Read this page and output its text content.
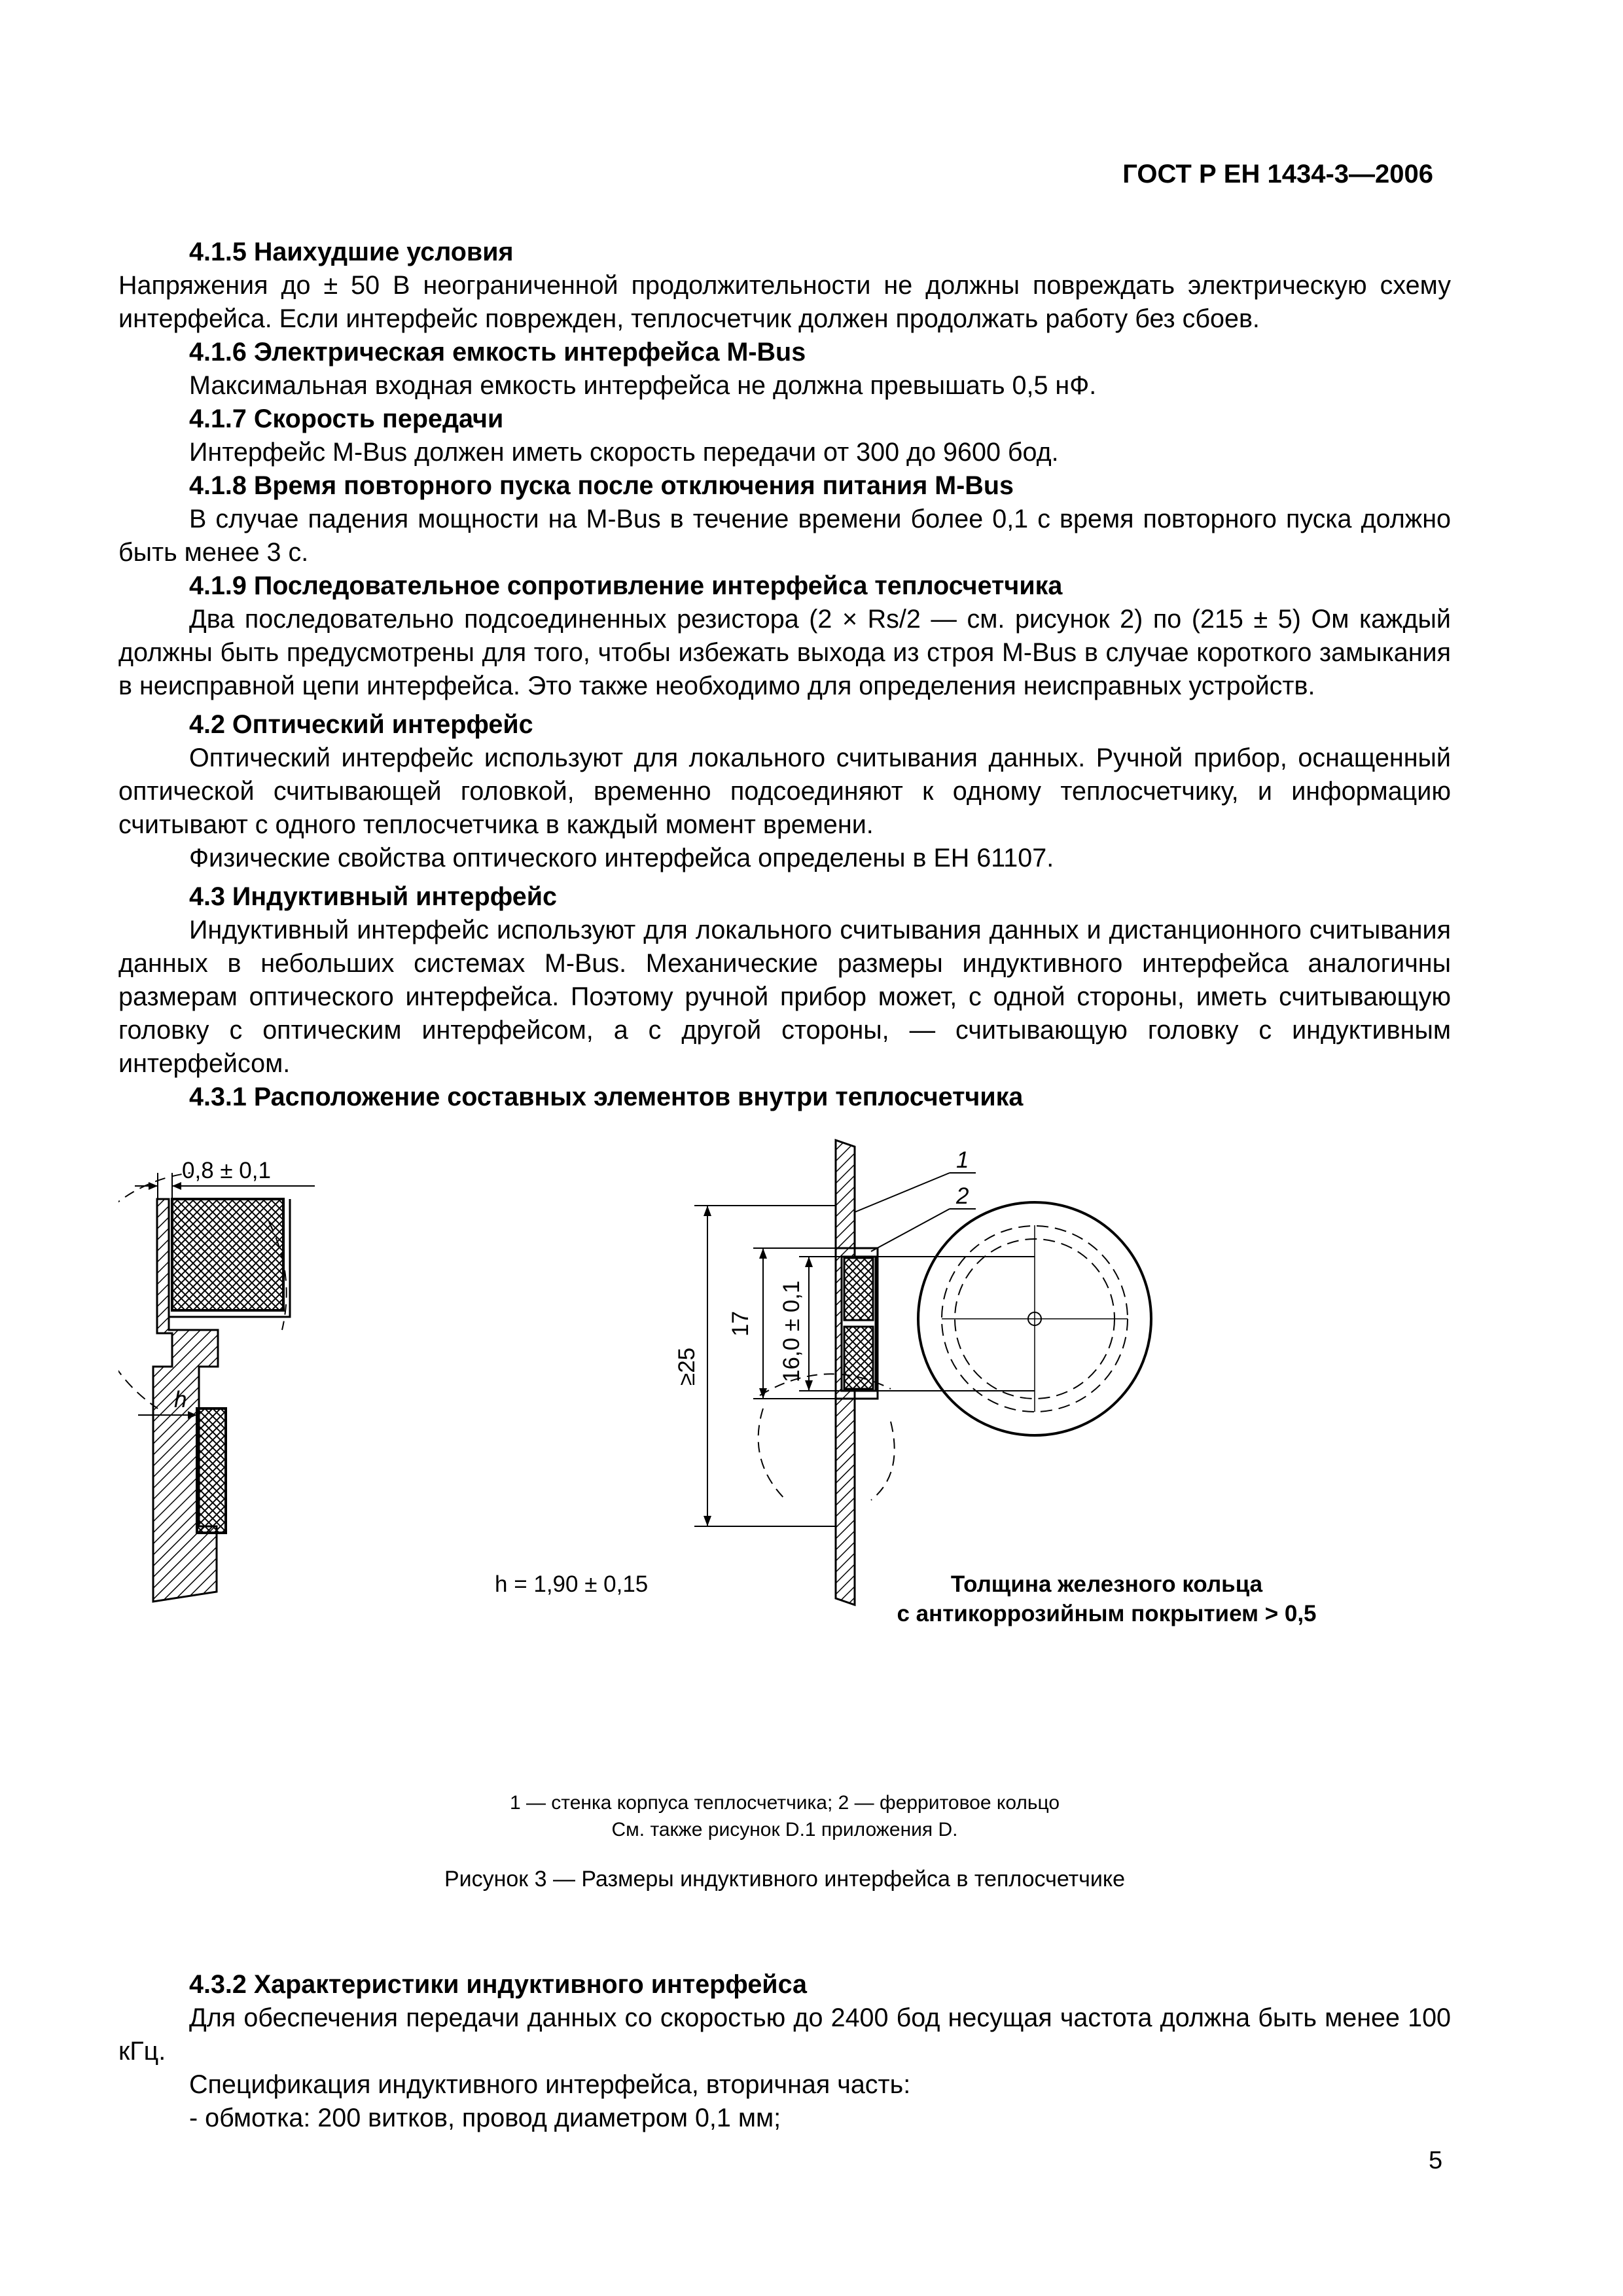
ГОСТ Р ЕН 1434-3—2006
4.1.5 Наихудшие условия
Напряжения до ± 50 В неограниченной продолжительности не должны повреждать электрическую схему интерфейса. Если интерфейс поврежден, теплосчетчик должен продолжать работу без сбоев.
4.1.6 Электрическая емкость интерфейса M-Bus
Максимальная входная емкость интерфейса не должна превышать 0,5 нФ.
4.1.7 Скорость передачи
Интерфейс M-Bus должен иметь скорость передачи от 300 до 9600 бод.
4.1.8 Время повторного пуска после отключения питания M-Bus
В случае падения мощности на M-Bus в течение времени более 0,1 с время повторного пуска должно быть менее 3 с.
4.1.9 Последовательное сопротивление интерфейса теплосчетчика
Два последовательно подсоединенных резистора (2 × Rs/2 — см. рисунок 2) по (215 ± 5) Ом каждый должны быть предусмотрены для того, чтобы избежать выхода из строя M-Bus в случае короткого замыкания в неисправной цепи интерфейса. Это также необходимо для определения неисправных устройств.
4.2 Оптический интерфейс
Оптический интерфейс используют для локального считывания данных. Ручной прибор, оснащенный оптической считывающей головкой, временно подсоединяют к одному теплосчетчику, и информацию считывают с одного теплосчетчика в каждый момент времени.
Физические свойства оптического интерфейса определены в ЕН 61107.
4.3 Индуктивный интерфейс
Индуктивный интерфейс используют для локального считывания данных и дистанционного считывания данных в небольших системах M-Bus. Механические размеры индуктивного интерфейса аналогичны размерам оптического интерфейса. Поэтому ручной прибор может, с одной стороны, иметь считывающую головку с оптическим интерфейсом, а с другой стороны, — считывающую головку с индуктивным интерфейсом.
4.3.1 Расположение составных элементов внутри теплосчетчика
0,8 ± 0,1
h
h = 1,90 ± 0,15
≥25
17 16,0 ± 0,1
1
2
Толщина железного кольца
с антикоррозийным покрытием > 0,5
1 — стенка корпуса теплосчетчика; 2 — ферритовое кольцо
См. также рисунок D.1 приложения D.
Рисунок 3 — Размеры индуктивного интерфейса в теплосчетчике
4.3.2 Характеристики индуктивного интерфейса
Для обеспечения передачи данных со скоростью до 2400 бод несущая частота должна быть менее 100 кГц.
Спецификация индуктивного интерфейса, вторичная часть:
- обмотка: 200 витков, провод диаметром 0,1 мм;
5
